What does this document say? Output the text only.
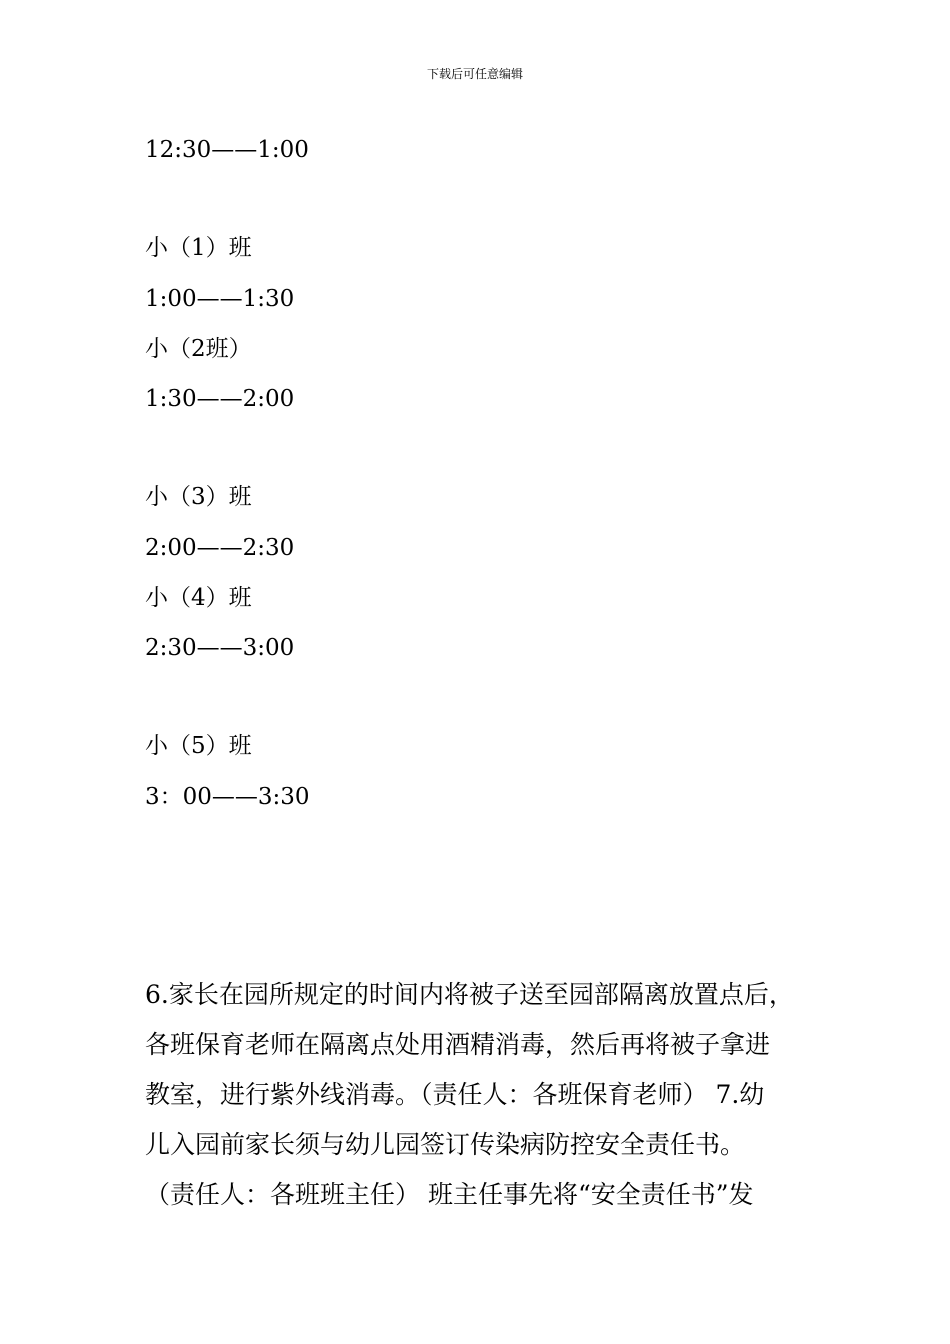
下载后可任意编辑
12:30——1:00
小（1）班
1:00——1:30
小（2班）
1:30——2:00
小（3）班
2:00——2:30
小（4）班
2:30——3:00
小（5）班
3：00——3:30
6.家长在园所规定的时间内将被子送至园部隔离放置点后，
各班保育老师在隔离点处用酒精消毒，然后再将被子拿进
教室，进行紫外线消毒。（责任人：各班保育老师） 7.幼
儿入园前家长须与幼儿园签订传染病防控安全责任书。
（责任人：各班班主任） 班主任事先将“安全责任书”发
